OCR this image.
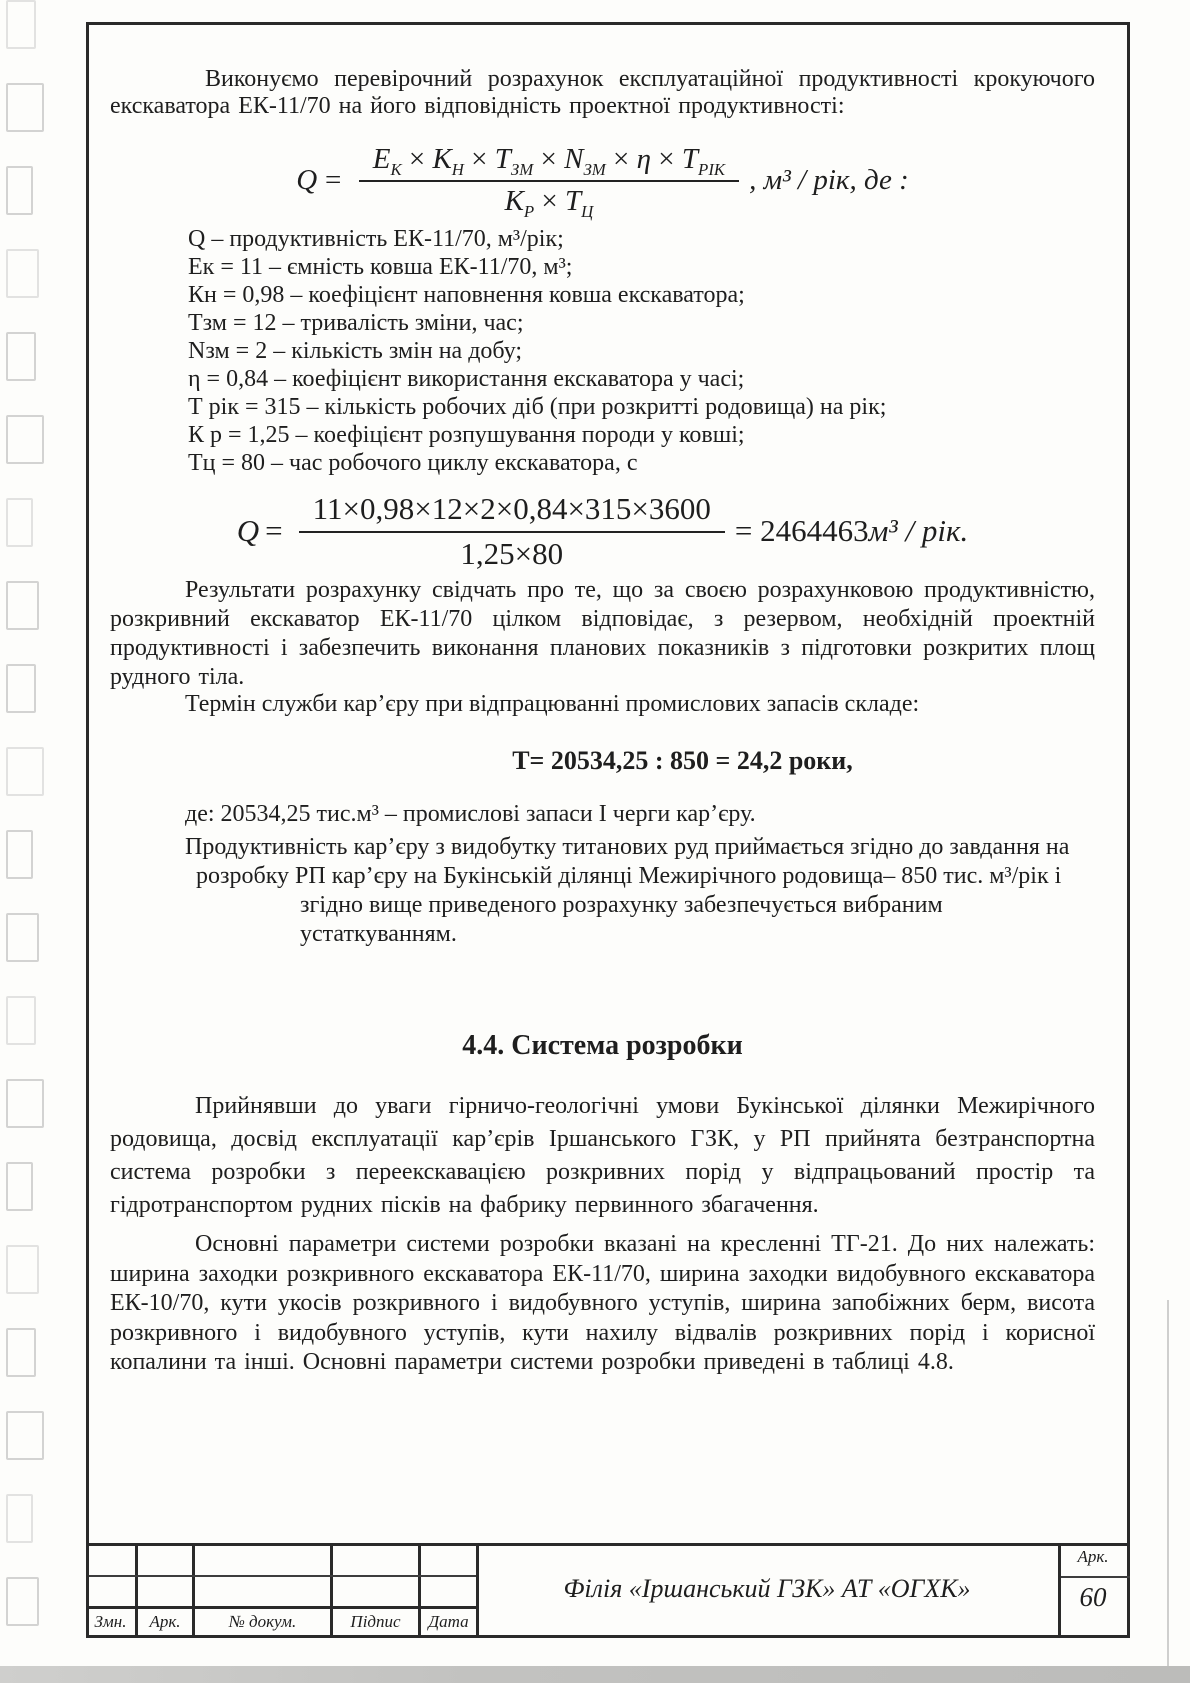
Виконуємо перевірочний розрахунок експлуатаційної продуктивності крокуючого екскаватора ЕК-11/70 на його відповідність проектної продуктивності:
$Q = \frac{Е_К \times К_Н \times Т_{ЗМ} \times N_{ЗМ} \times \eta \times Т_{РІК}}{К_Р \times Т_Ц}$ , м³ / рік, де :
Q – продуктивність ЕК-11/70, м³/рік;
Ек = 11 – ємність ковша ЕК-11/70, м³;
Кн = 0,98 – коефіцієнт наповнення ковша екскаватора;
Тзм = 12 – тривалість зміни, час;
Nзм = 2 – кількість змін на добу;
η = 0,84 – коефіцієнт використання екскаватора у часі;
Т рік = 315 – кількість робочих діб (при розкритті родовища) на рік;
К р = 1,25 – коефіцієнт розпушування породи у ковші;
Тц = 80 – час робочого циклу екскаватора, с
$Q = \frac{11\times 0,98\times 12\times 2\times 0,84\times 315\times 3600}{1,25\times 80} = 2464463$ м³ / рік.
Результати розрахунку свідчать про те, що за своєю розрахунковою продуктивністю, розкривний екскаватор ЕК-11/70 цілком відповідає, з резервом, необхідній проектній продуктивності і забезпечить виконання планових показників з підготовки розкритих площ рудного тіла.
Термін служби кар’єру при відпрацюванні промислових запасів складе:
Т= 20534,25 : 850 = 24,2 роки,
де: 20534,25 тис.м³ – промислові запаси І черги кар’єру.
Продуктивність кар’єру з видобутку титанових руд приймається згідно до завдання на
розробку РП кар’єру на Букінській ділянці Межирічного родовища– 850 тис. м³/рік і
згідно вище приведеного розрахунку забезпечується вибраним устаткуванням.
4.4. Система розробки
Прийнявши до уваги гірничо-геологічні умови Букінської ділянки Межирічного родовища, досвід експлуатації кар’єрів Іршанського ГЗК, у РП прийнята безтранспортна система розробки з переекскавацією розкривних порід у відпрацьований простір та гідротранспортом рудних пісків на фабрику первинного збагачення.
Основні параметри системи розробки вказані на кресленні ТГ-21. До них належать: ширина заходки розкривного екскаватора ЕК-11/70, ширина заходки видобувного екскаватора ЕК-10/70, кути укосів розкривного і видобувного уступів, ширина запобіжних берм, висота розкривного і видобувного уступів, кути нахилу відвалів розкривних порід і корисної копалини та інші. Основні параметри системи розробки приведені в таблиці 4.8.
Змн.	Арк.	№ докум.	Підпис	Дата
Філія «Іршанський ГЗК» АТ «ОГХК»
Арк.
60
